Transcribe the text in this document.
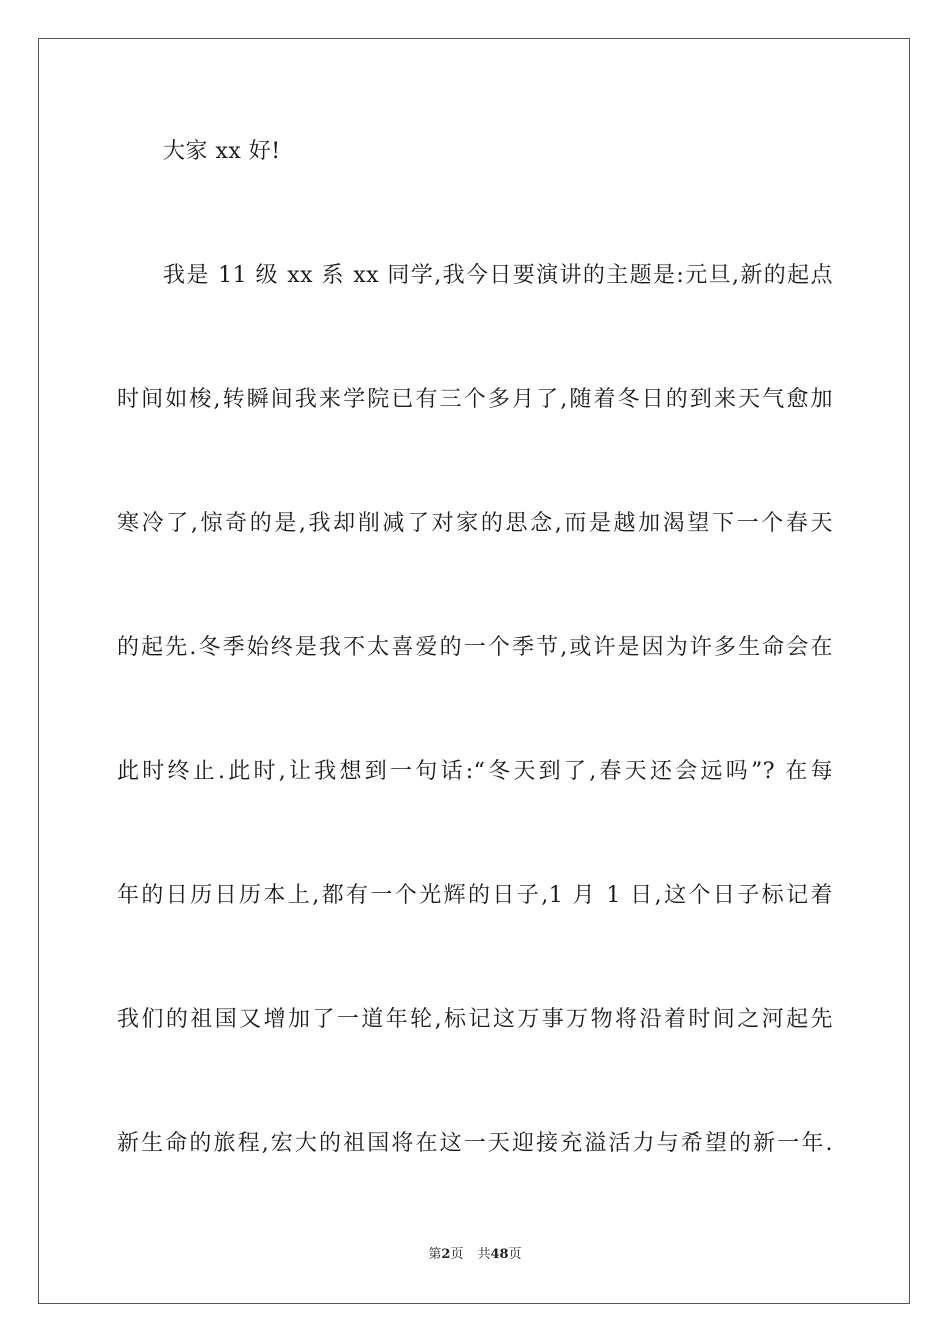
大家 xx 好!
我是 11 级 xx 系 xx 同学,我今日要演讲的主题是:元旦,新的起点
时间如梭,转瞬间我来学院已有三个多月了,随着冬日的到来天气愈加
寒冷了,惊奇的是,我却削减了对家的思念,而是越加渴望下一个春天
的起先.冬季始终是我不太喜爱的一个季节,或许是因为许多生命会在
此时终止.此时,让我想到一句话:“冬天到了,春天还会远吗”? 在每
年的日历日历本上,都有一个光辉的日子,1 月 1 日,这个日子标记着
我们的祖国又增加了一道年轮,标记这万事万物将沿着时间之河起先
新生命的旅程,宏大的祖国将在这一天迎接充溢活力与希望的新一年.
第2页 共48页
